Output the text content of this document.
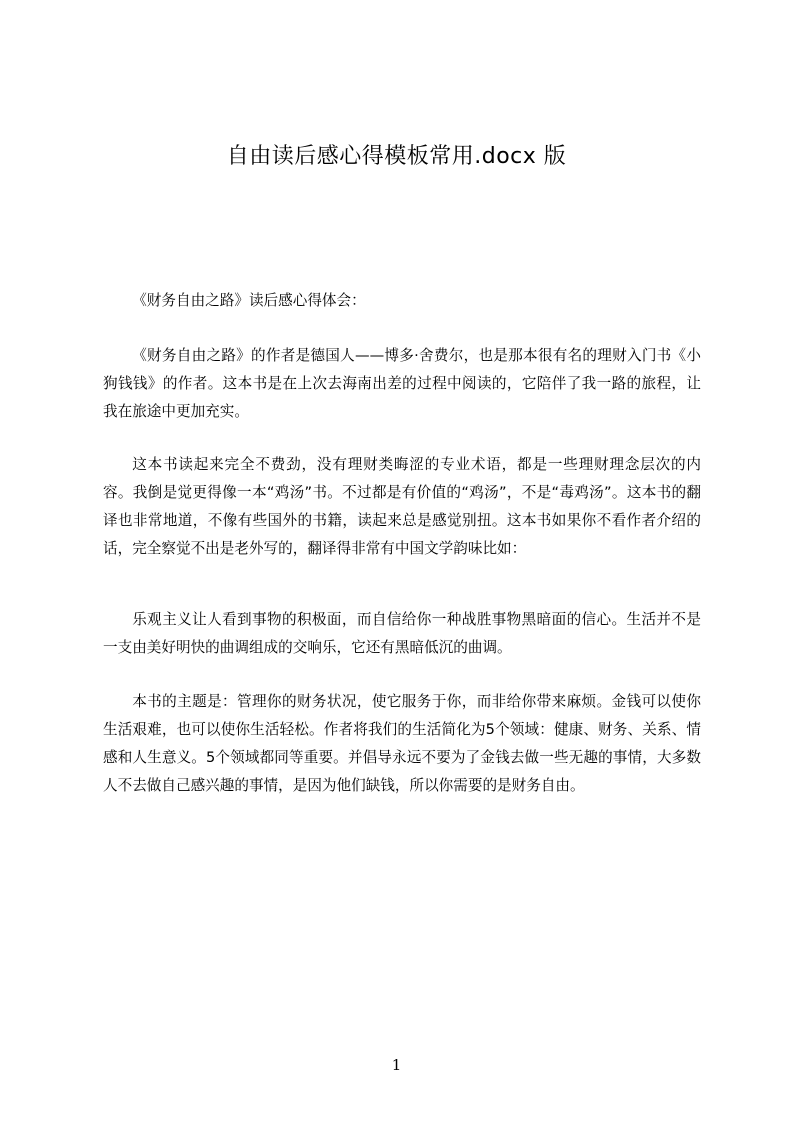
自由读后感心得模板常用.docx 版

《财务自由之路》读后感心得体会：

《财务自由之路》的作者是德国人——博多·舍费尔，也是那本很有名的理财入门书《小狗钱钱》的作者。这本书是在上次去海南出差的过程中阅读的，它陪伴了我一路的旅程，让我在旅途中更加充实。

这本书读起来完全不费劲，没有理财类晦涩的专业术语，都是一些理财理念层次的内容。我倒是觉更得像一本“鸡汤”书。不过都是有价值的“鸡汤”，不是“毒鸡汤”。这本书的翻译也非常地道，不像有些国外的书籍，读起来总是感觉别扭。这本书如果你不看作者介绍的话，完全察觉不出是老外写的，翻译得非常有中国文学韵味比如：

乐观主义让人看到事物的积极面，而自信给你一种战胜事物黑暗面的信心。生活并不是一支由美好明快的曲调组成的交响乐，它还有黑暗低沉的曲调。

本书的主题是：管理你的财务状况，使它服务于你，而非给你带来麻烦。金钱可以使你生活艰难，也可以使你生活轻松。作者将我们的生活简化为5个领域：健康、财务、关系、情感和人生意义。5个领域都同等重要。并倡导永远不要为了金钱去做一些无趣的事情，大多数人不去做自己感兴趣的事情，是因为他们缺钱，所以你需要的是财务自由。

1
